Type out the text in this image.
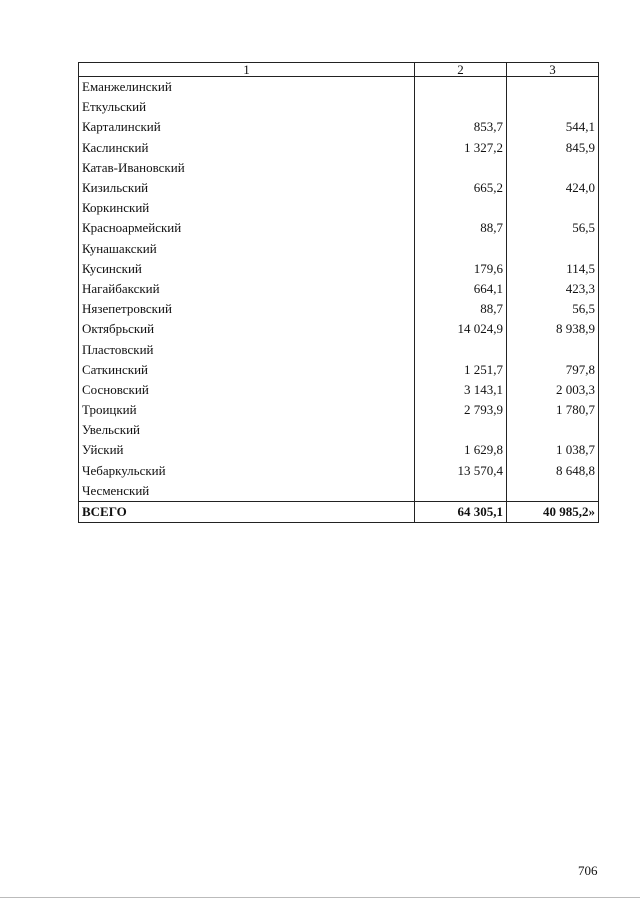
1	2	3
Еманжелинский		
Еткульский		
Карталинский	853,7	544,1
Каслинский	1 327,2	845,9
Катав-Ивановский		
Кизильский	665,2	424,0
Коркинский		
Красноармейский	88,7	56,5
Кунашакский		
Кусинский	179,6	114,5
Нагайбакский	664,1	423,3
Нязепетровский	88,7	56,5
Октябрьский	14 024,9	8 938,9
Пластовский		
Саткинский	1 251,7	797,8
Сосновский	3 143,1	2 003,3
Троицкий	2 793,9	1 780,7
Увельский		
Уйский	1 629,8	1 038,7
Чебаркульский	13 570,4	8 648,8
Чесменский		
ВСЕГО	64 305,1	40 985,2»
706
